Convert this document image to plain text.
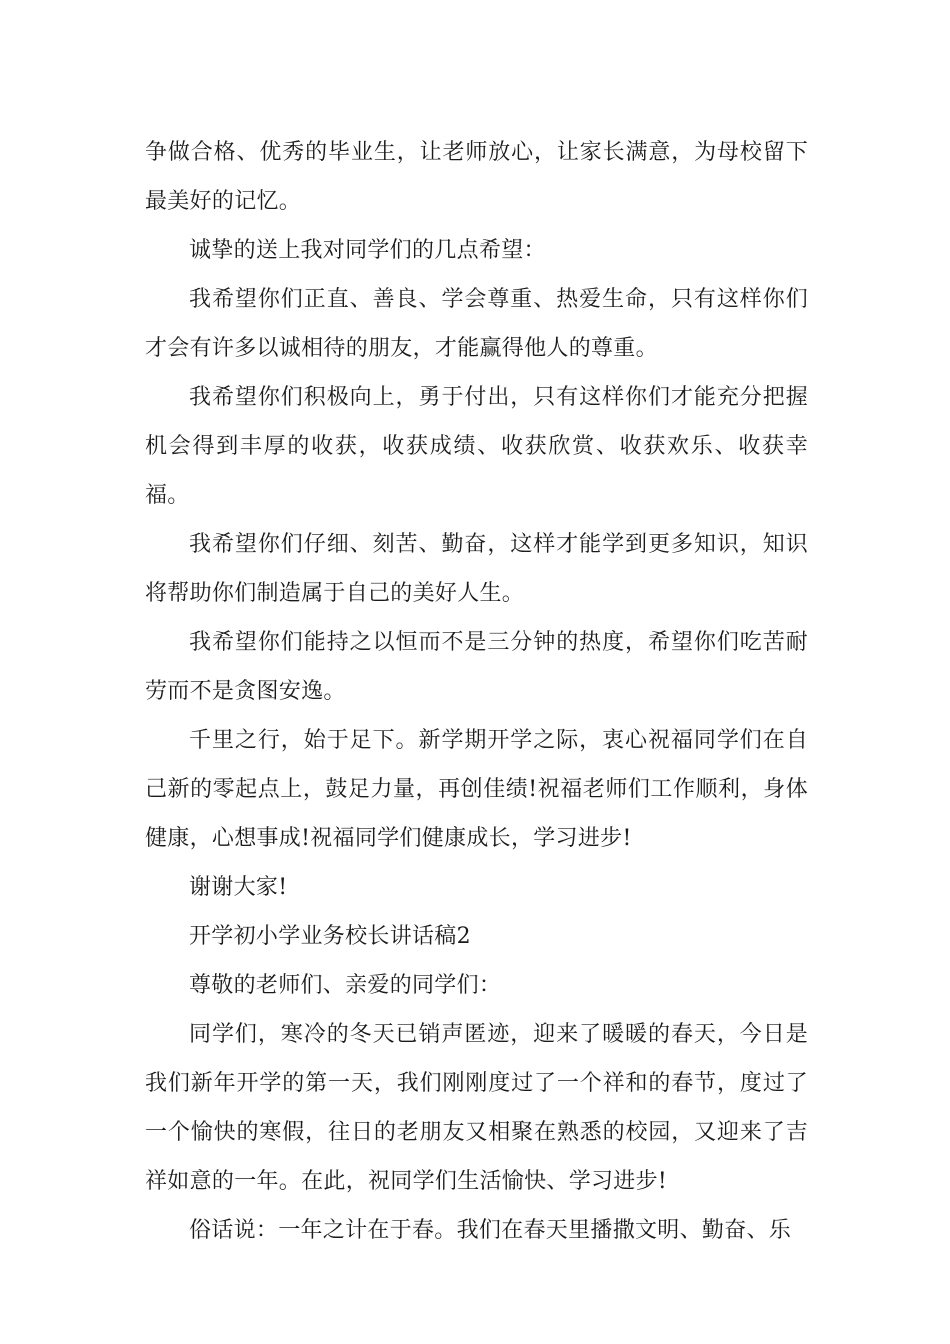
争做合格、优秀的毕业生，让老师放心，让家长满意，为母校留下最美好的记忆。

诚挚的送上我对同学们的几点希望：

我希望你们正直、善良、学会尊重、热爱生命，只有这样你们才会有许多以诚相待的朋友，才能赢得他人的尊重。

我希望你们积极向上，勇于付出，只有这样你们才能充分把握机会得到丰厚的收获，收获成绩、收获欣赏、收获欢乐、收获幸福。

我希望你们仔细、刻苦、勤奋，这样才能学到更多知识，知识将帮助你们制造属于自己的美好人生。

我希望你们能持之以恒而不是三分钟的热度，希望你们吃苦耐劳而不是贪图安逸。

千里之行，始于足下。新学期开学之际，衷心祝福同学们在自己新的零起点上，鼓足力量，再创佳绩!祝福老师们工作顺利，身体健康，心想事成!祝福同学们健康成长，学习进步!

谢谢大家!

开学初小学业务校长讲话稿2

尊敬的老师们、亲爱的同学们：

同学们，寒冷的冬天已销声匿迹，迎来了暖暖的春天，今日是我们新年开学的第一天，我们刚刚度过了一个祥和的春节，度过了一个愉快的寒假，往日的老朋友又相聚在熟悉的校园，又迎来了吉祥如意的一年。在此，祝同学们生活愉快、学习进步!

俗话说：一年之计在于春。我们在春天里播撒文明、勤奋、乐
